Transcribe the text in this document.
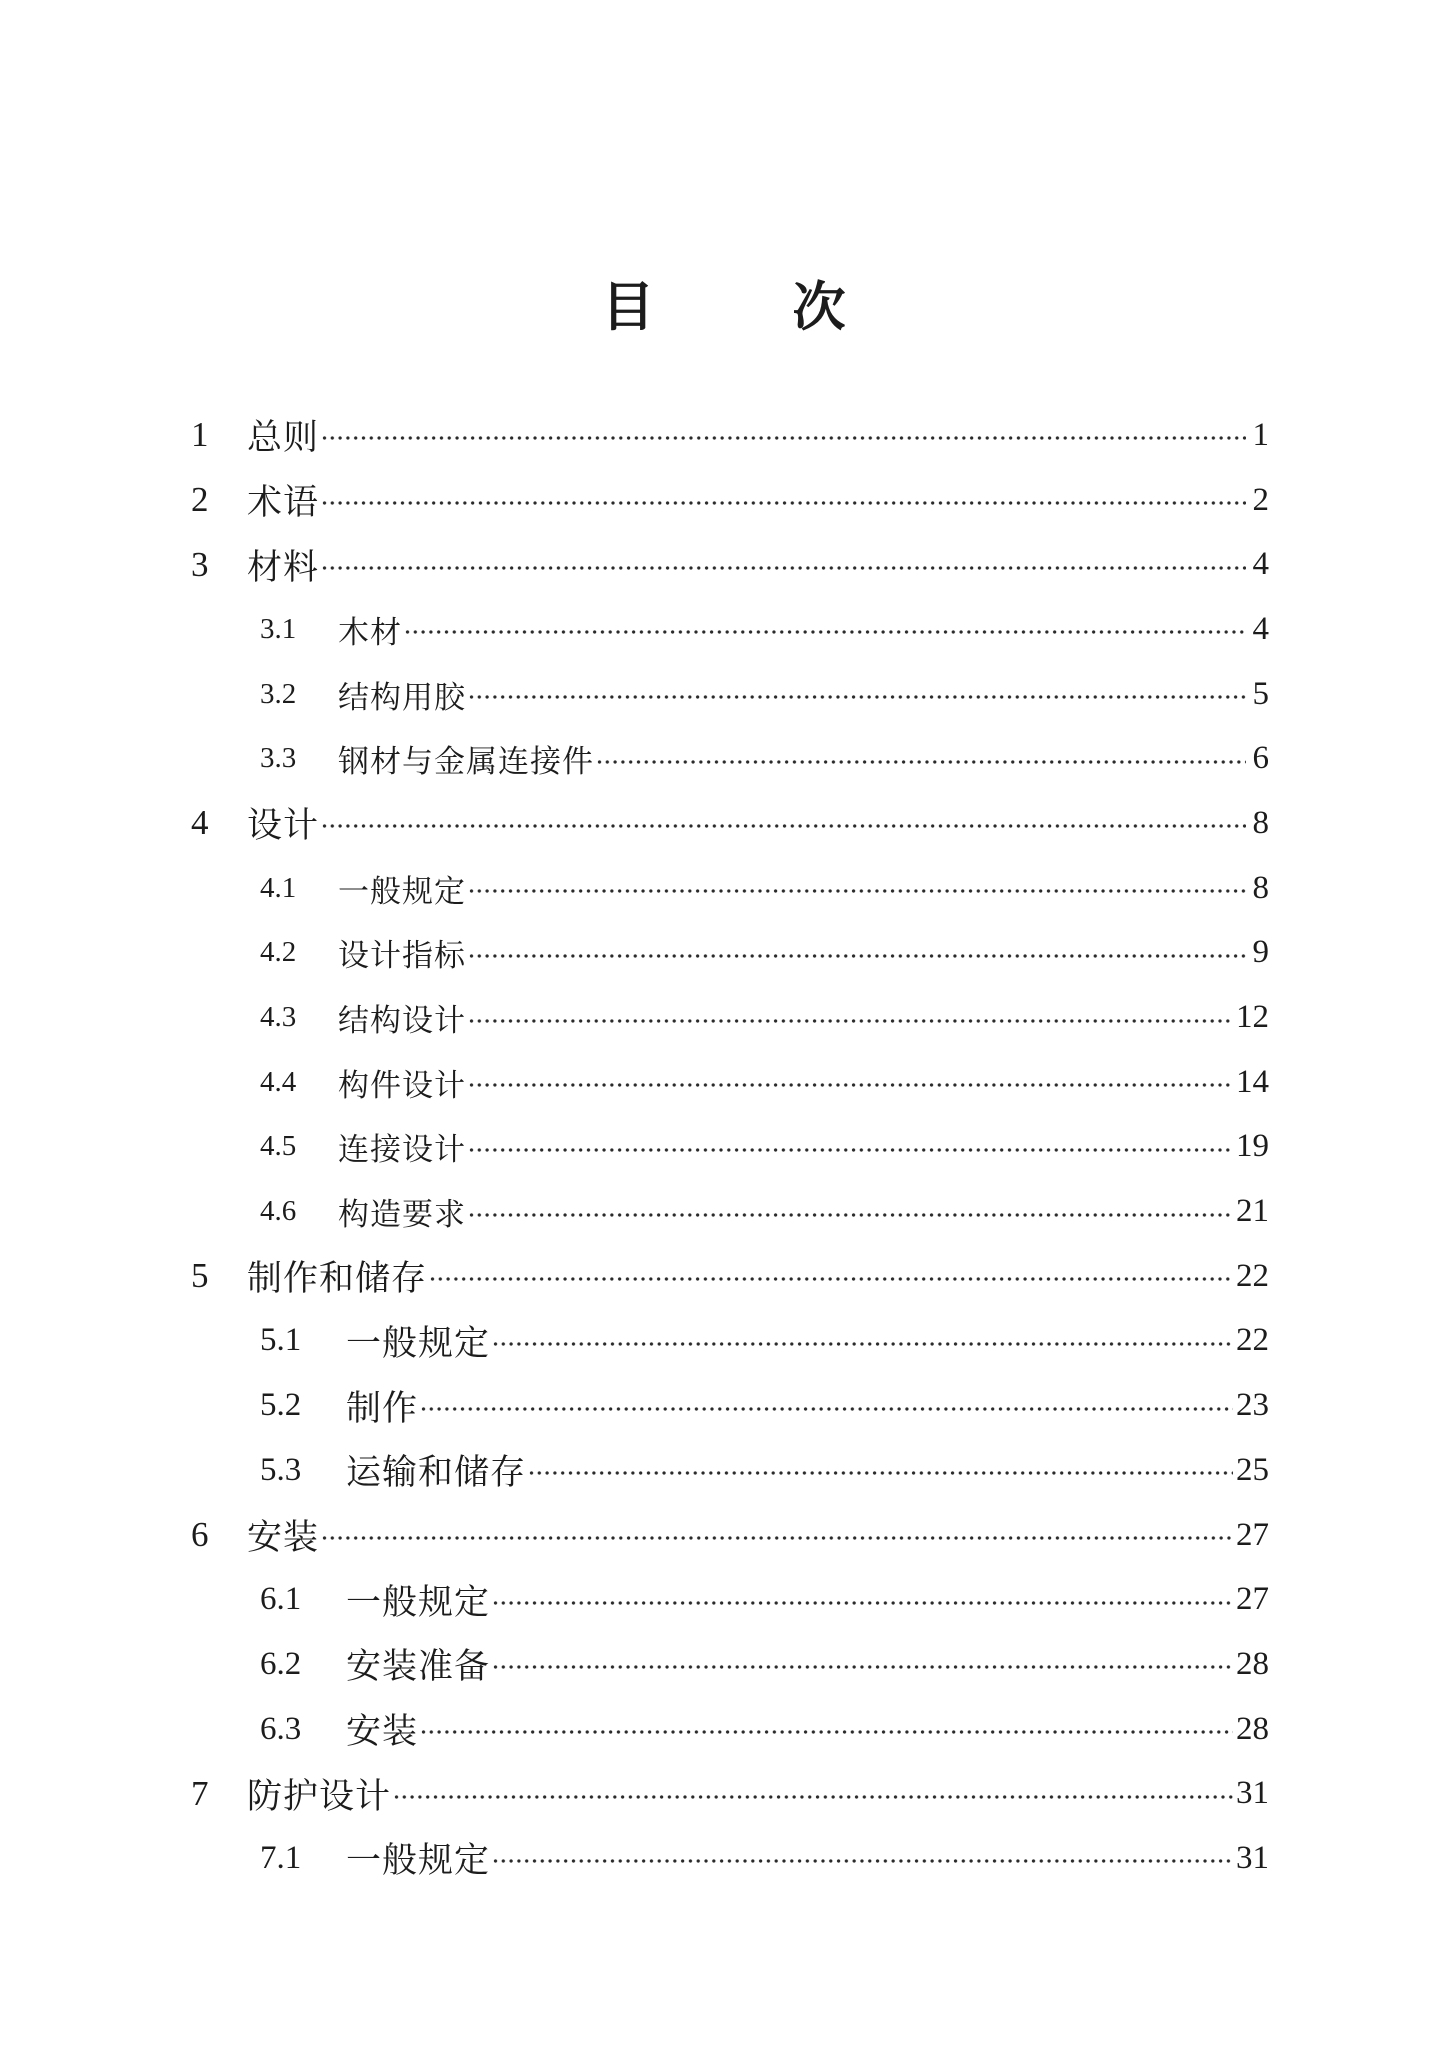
目次
1	总则	1
2	术语	2
3	材料	4
3.1	木材	4
3.2	结构用胶	5
3.3	钢材与金属连接件	6
4	设计	8
4.1	一般规定	8
4.2	设计指标	9
4.3	结构设计	12
4.4	构件设计	14
4.5	连接设计	19
4.6	构造要求	21
5	制作和储存	22
5.1	一般规定	22
5.2	制作	23
5.3	运输和储存	25
6	安装	27
6.1	一般规定	27
6.2	安装准备	28
6.3	安装	28
7	防护设计	31
7.1	一般规定	31
